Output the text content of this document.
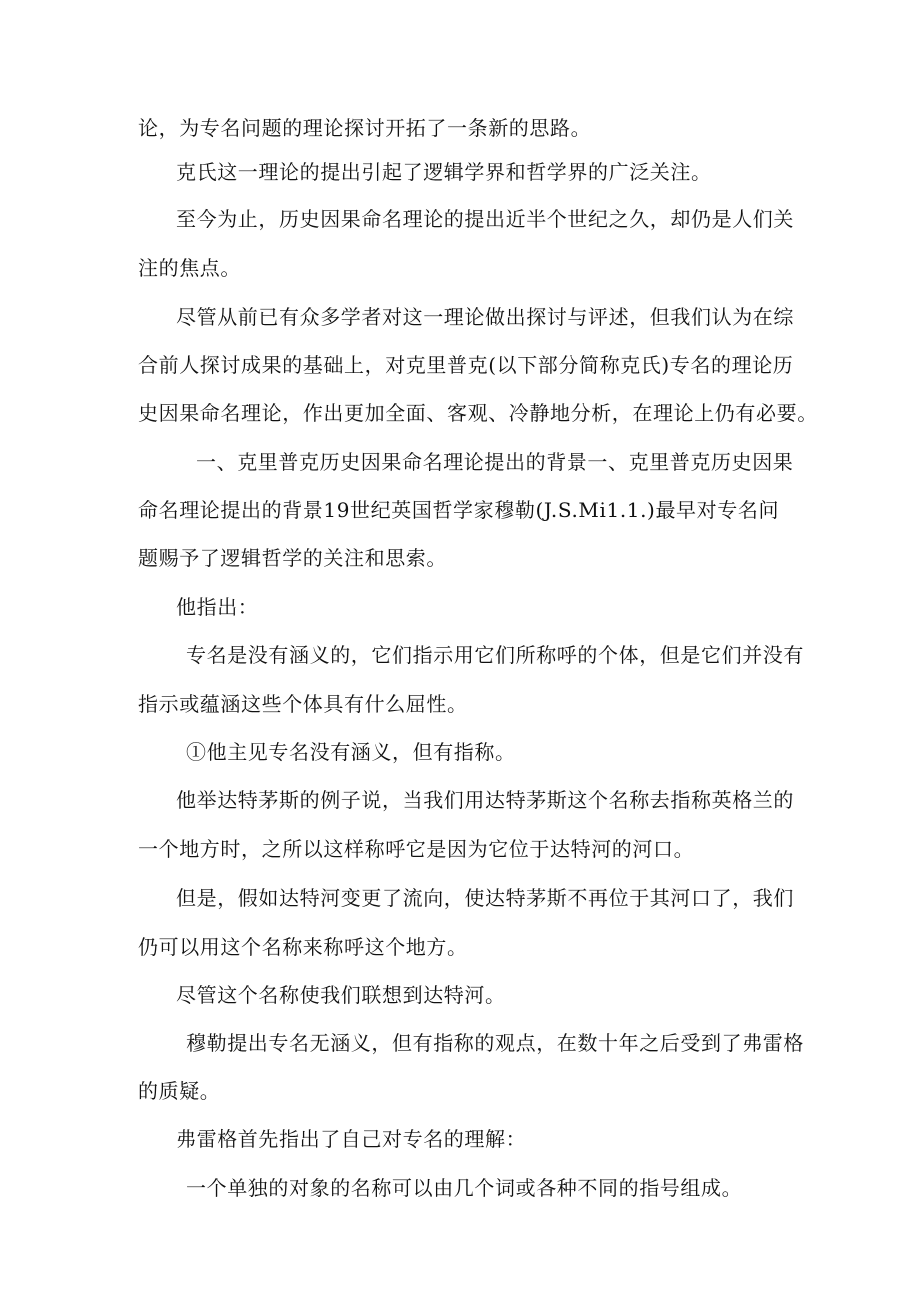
论，为专名问题的理论探讨开拓了一条新的思路。
克氏这一理论的提出引起了逻辑学界和哲学界的广泛关注。
至今为止，历史因果命名理论的提出近半个世纪之久，却仍是人们关
注的焦点。
尽管从前已有众多学者对这一理论做出探讨与评述，但我们认为在综
合前人探讨成果的基础上，对克里普克(以下部分简称克氏)专名的理论历
史因果命名理论，作出更加全面、客观、冷静地分析，在理论上仍有必要。
一、克里普克历史因果命名理论提出的背景一、克里普克历史因果
命名理论提出的背景19世纪英国哲学家穆勒(J.S.Mi1.1.)最早对专名问
题赐予了逻辑哲学的关注和思索。
他指出：
专名是没有涵义的，它们指示用它们所称呼的个体，但是它们并没有
指示或蕴涵这些个体具有什么屈性。
①他主见专名没有涵义，但有指称。
他举达特茅斯的例子说，当我们用达特茅斯这个名称去指称英格兰的
一个地方时，之所以这样称呼它是因为它位于达特河的河口。
但是，假如达特河变更了流向，使达特茅斯不再位于其河口了，我们
仍可以用这个名称来称呼这个地方。
尽管这个名称使我们联想到达特河。
穆勒提出专名无涵义，但有指称的观点，在数十年之后受到了弗雷格
的质疑。
弗雷格首先指出了自己对专名的理解：
一个单独的对象的名称可以由几个词或各种不同的指号组成。
